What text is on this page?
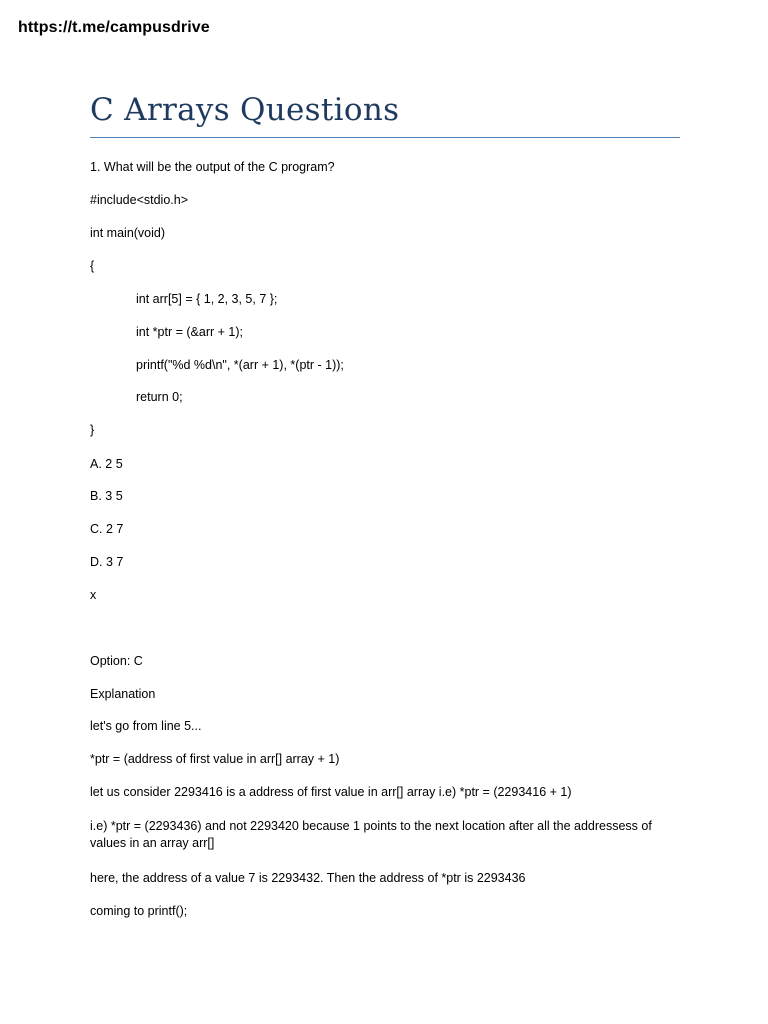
https://t.me/campusdrive
C Arrays Questions
1. What will be the output of the C program?
#include<stdio.h>
int main(void)
{
int arr[5] = { 1, 2, 3, 5, 7 };
int *ptr = (&arr + 1);
printf("%d %d\n", *(arr + 1), *(ptr - 1));
return 0;
}
A. 2 5
B. 3 5
C. 2 7
D. 3 7
x
Option: C
Explanation
let's go from line 5...
*ptr = (address of first value in arr[] array + 1)
let us consider 2293416 is a address of first value in arr[] array i.e) *ptr = (2293416 + 1)
i.e) *ptr = (2293436) and not 2293420 because 1 points to the next location after all the addressess of values in an array arr[]
here, the address of a value 7 is 2293432. Then the address of *ptr is 2293436
coming to printf();
